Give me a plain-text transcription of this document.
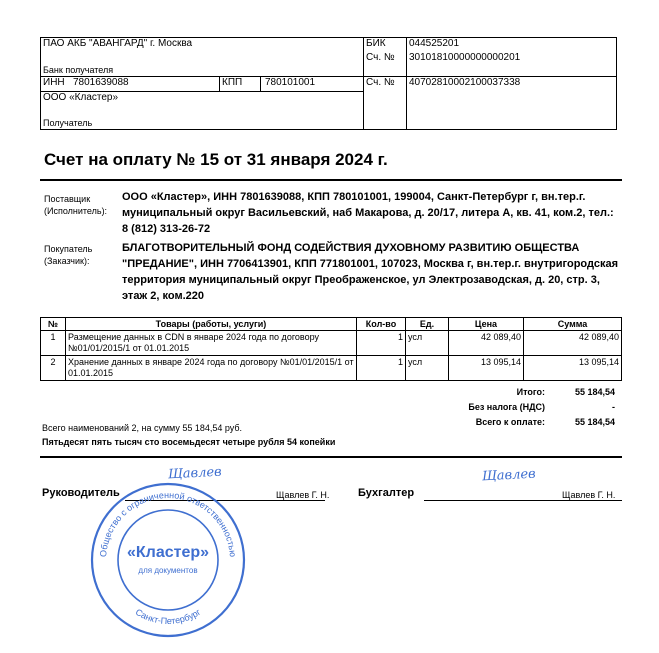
ПАО АКБ "АВАНГАРД" г. Москва
Банк получателя	БИК	044525201
	Сч. №	30101810000000000201

ИНН 7801639088 КПП 780101001	Сч. №	40702810002100037338

ООО «Кластер»
Получатель		
Счет на оплату № 15 от 31 января 2024 г.
Поставщик
(Исполнитель):
ООО «Кластер», ИНН 7801639088, КПП 780101001, 199004, Санкт-Петербург г, вн.тер.г. муниципальный округ Васильевский, наб Макарова, д. 20/17, литера А, кв. 41, ком.2, тел.: 8 (812) 313-26-72
Покупатель
(Заказчик):
БЛАГОТВОРИТЕЛЬНЫЙ ФОНД СОДЕЙСТВИЯ ДУХОВНОМУ РАЗВИТИЮ ОБЩЕСТВА "ПРЕДАНИЕ", ИНН 7706413901, КПП 771801001, 107023, Москва г, вн.тер.г. внутригородская территория муниципальный округ Преображенское, ул Электрозаводская, д. 20, стр. 3, этаж 2, ком.220
№	Товары (работы, услуги)	Кол-во	Ед.	Цена	Сумма
1	Размещение данных в CDN в январе 2024 года по договору №01/01/2015/1 от 01.01.2015	1	усл	42 089,40	42 089,40
2	Хранение данных в январе 2024 года по договору №01/01/2015/1 от 01.01.2015	1	усл	13 095,14	13 095,14
Итого:	55 184,54
Без налога (НДС)	-
Всего к оплате:	55 184,54
Всего наименований 2, на сумму 55 184,54 руб.
Пятьдесят пять тысяч сто восемьдесят четыре рубля 54 копейки
Руководитель	Щавлев Г. Н.	Бухгалтер	Щавлев Г. Н.
Щавлев	Щавлев
Общество с ограниченной ответственностью
Санкт-Петербург
«Кластер»
для документов
